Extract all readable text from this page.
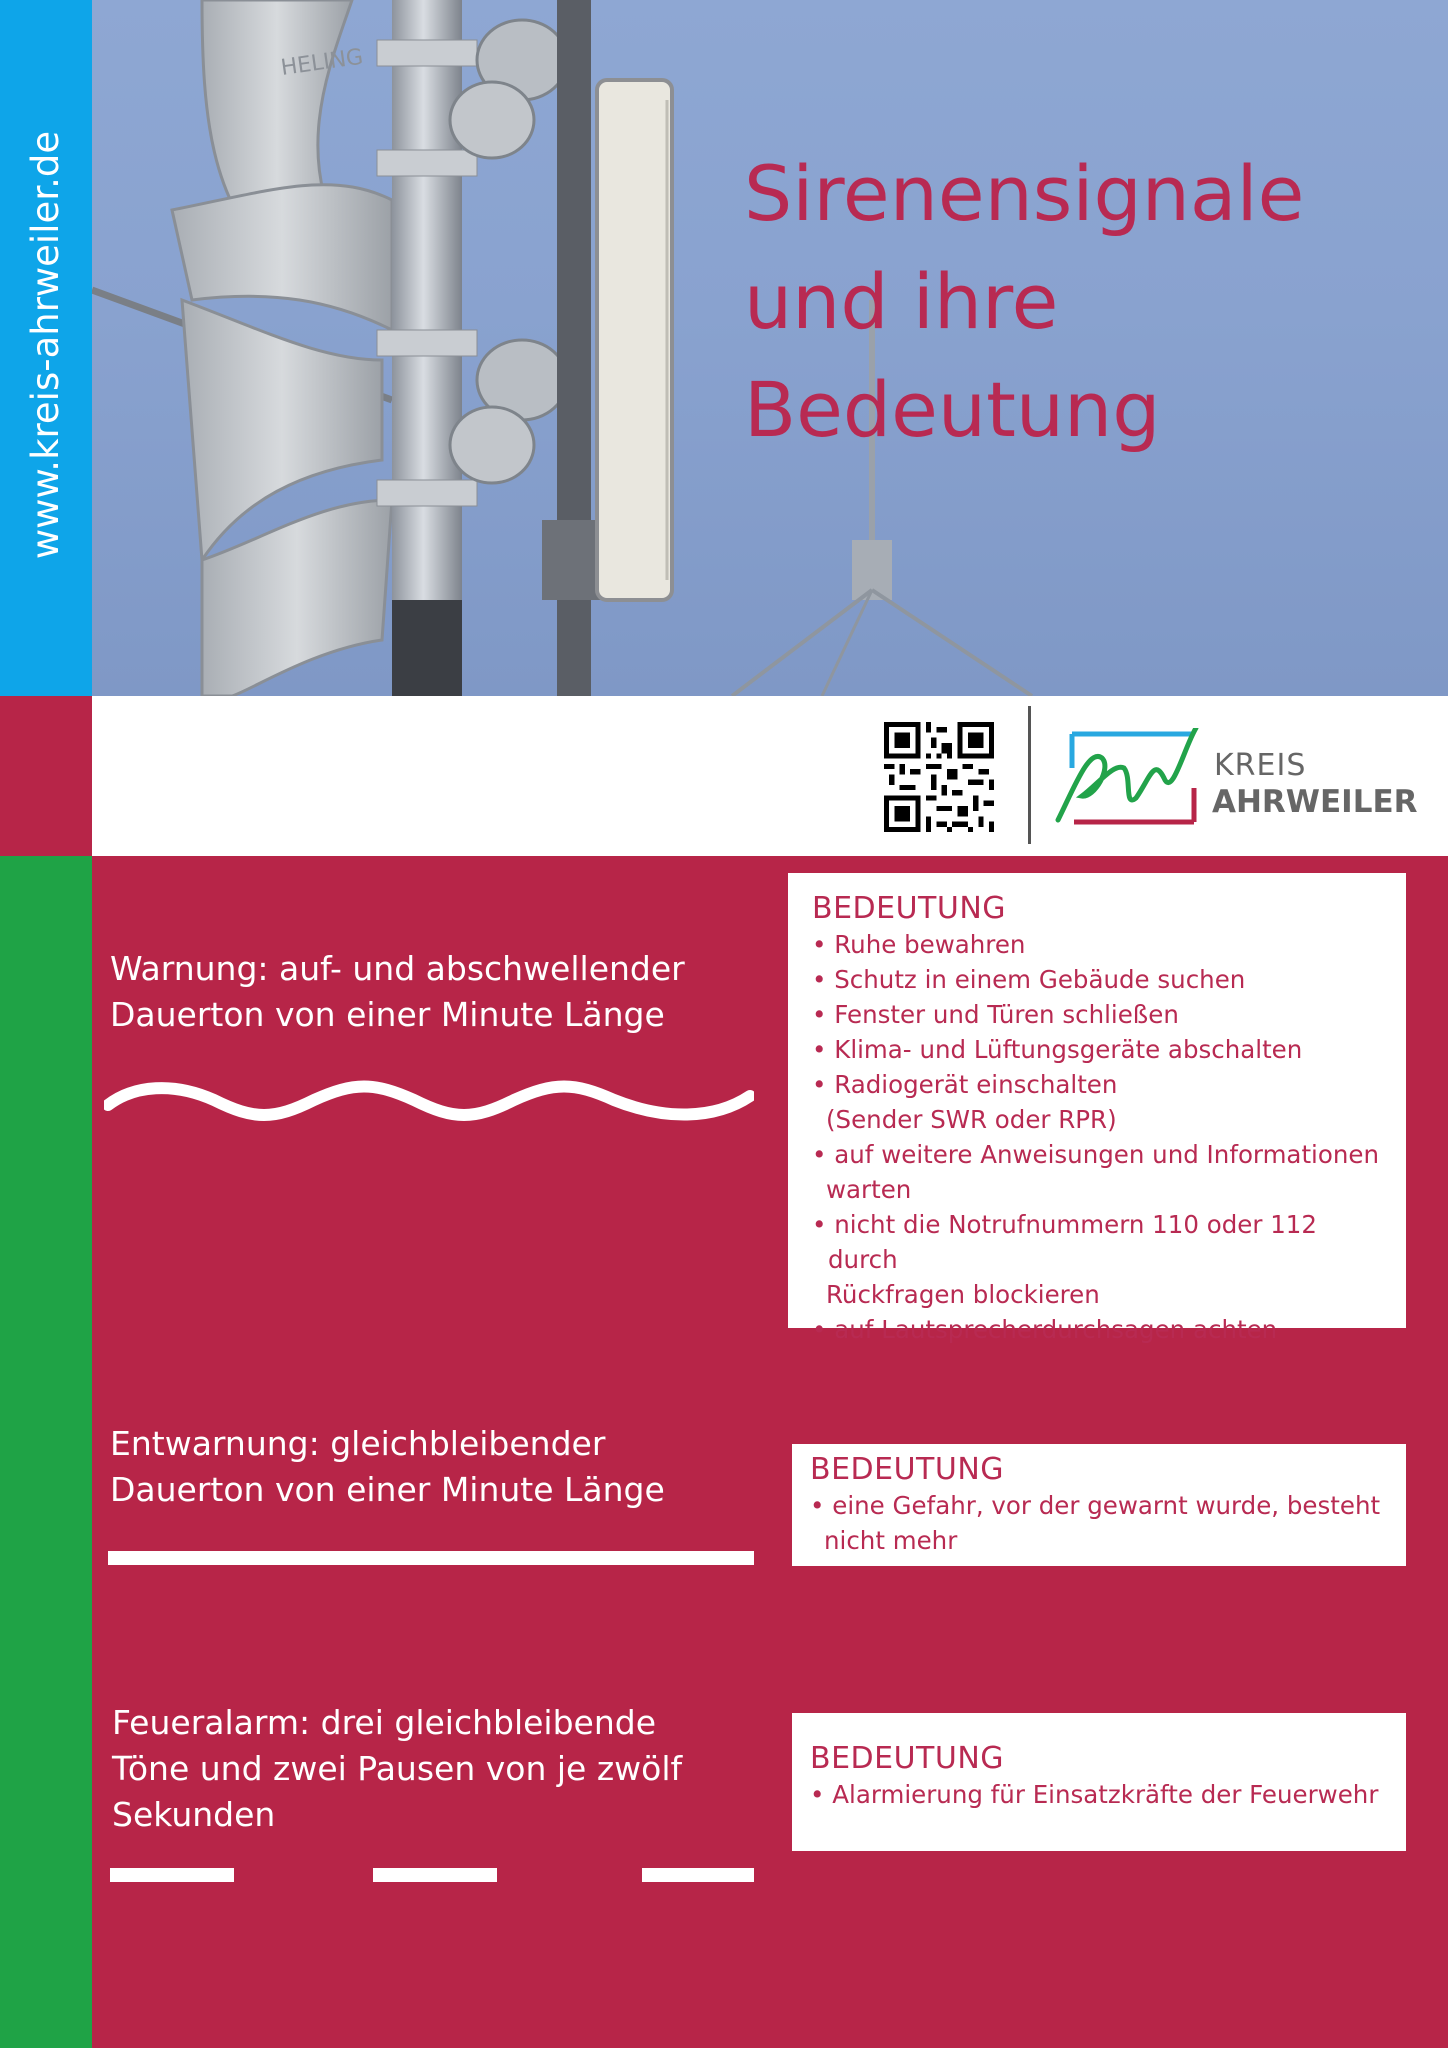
www.kreis-ahrweiler.de
HELING
Sirenensignale
und ihre
Bedeutung
KREIS
AHRWEILER

Warnung: auf- und abschwellender
Dauerton von einer Minute Länge

BEDEUTUNG
• Ruhe bewahren
• Schutz in einem Gebäude suchen
• Fenster und Türen schließen
• Klima- und Lüftungsgeräte abschalten
• Radiogerät einschalten
(Sender SWR oder RPR)
• auf weitere Anweisungen und Informationen
warten
• nicht die Notrufnummern 110 oder 112 durch
Rückfragen blockieren
• auf Lautsprecherdurchsagen achten

Entwarnung: gleichbleibender
Dauerton von einer Minute Länge

BEDEUTUNG
• eine Gefahr, vor der gewarnt wurde, besteht
nicht mehr

Feueralarm: drei gleichbleibende
Töne und zwei Pausen von je zwölf
Sekunden

BEDEUTUNG
• Alarmierung für Einsatzkräfte der Feuerwehr
